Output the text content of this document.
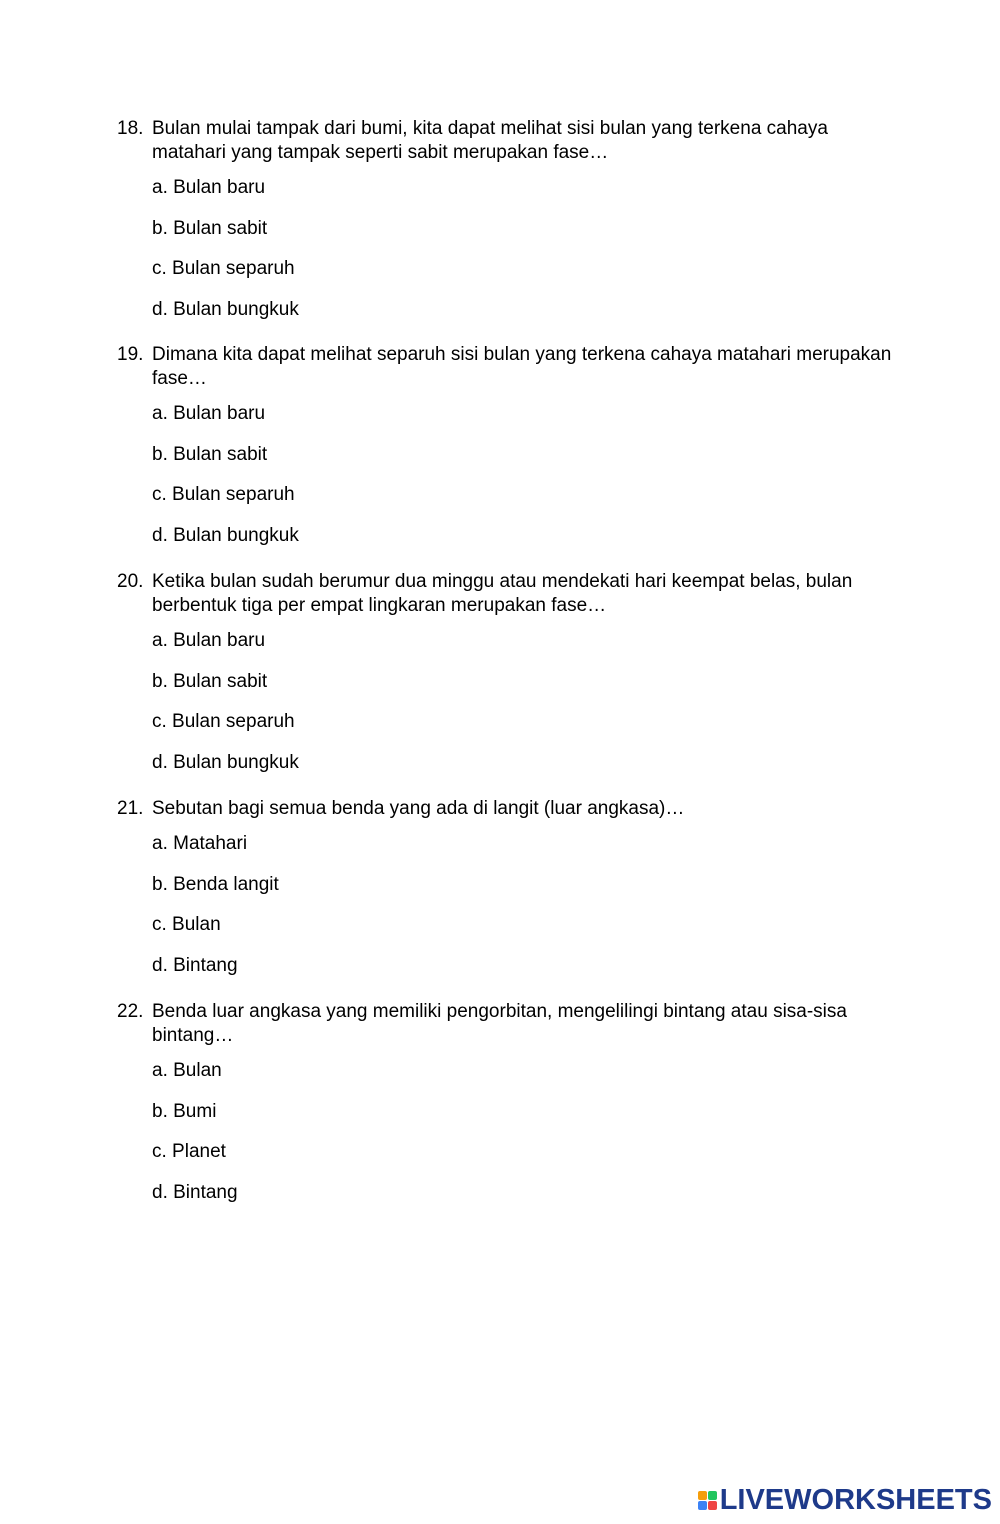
18. Bulan mulai tampak dari bumi, kita dapat melihat sisi bulan yang terkena cahaya matahari yang tampak seperti sabit merupakan fase…
a. Bulan baru
b. Bulan sabit
c. Bulan separuh
d. Bulan bungkuk
19. Dimana kita dapat melihat separuh sisi bulan yang terkena cahaya matahari merupakan fase…
a. Bulan baru
b. Bulan sabit
c. Bulan separuh
d. Bulan bungkuk
20. Ketika bulan sudah berumur dua minggu atau mendekati hari keempat belas, bulan berbentuk tiga per empat lingkaran merupakan fase…
a. Bulan baru
b. Bulan sabit
c. Bulan separuh
d. Bulan bungkuk
21. Sebutan bagi semua benda yang ada di langit (luar angkasa)…
a. Matahari
b. Benda langit
c. Bulan
d. Bintang
22. Benda luar angkasa yang memiliki pengorbitan, mengelilingi bintang atau sisa-sisa bintang…
a. Bulan
b. Bumi
c. Planet
d. Bintang
LIVEWORKSHEETS
